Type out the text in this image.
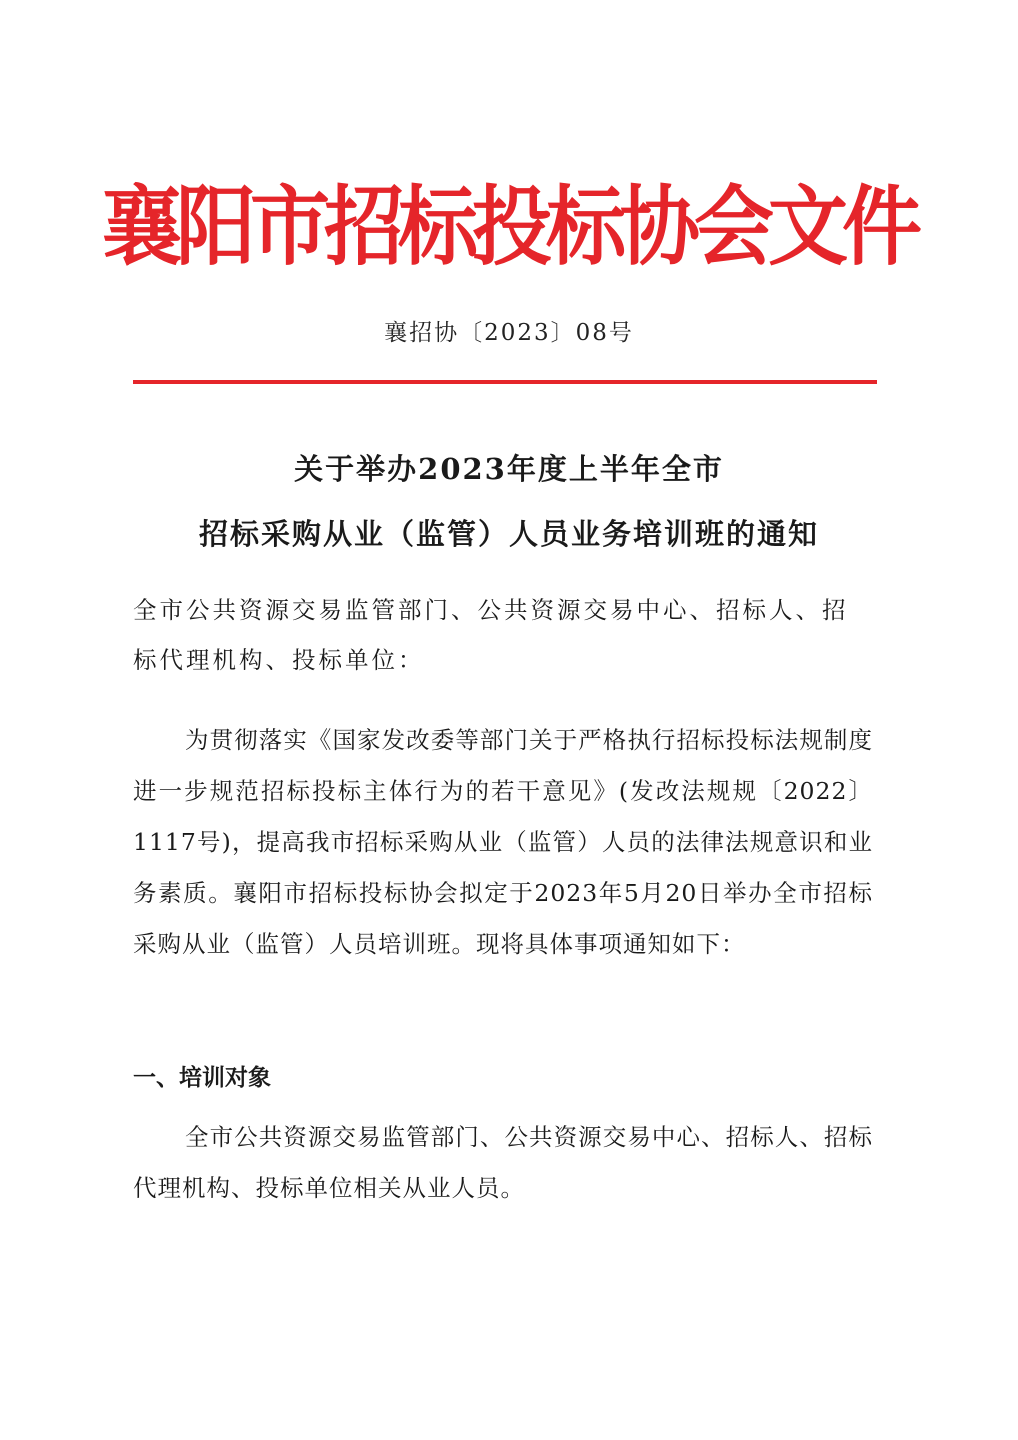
襄阳市招标投标协会文件
襄招协〔2023〕08号
关于举办2023年度上半年全市
招标采购从业（监管）人员业务培训班的通知

全市公共资源交易监管部门、公共资源交易中心、招标人、招标代理机构、投标单位：

为贯彻落实《国家发改委等部门关于严格执行招标投标法规制度进一步规范招标投标主体行为的若干意见》(发改法规规〔2022〕1117号)，提高我市招标采购从业（监管）人员的法律法规意识和业务素质。襄阳市招标投标协会拟定于2023年5月20日举办全市招标采购从业（监管）人员培训班。现将具体事项通知如下：

一、培训对象

全市公共资源交易监管部门、公共资源交易中心、招标人、招标代理机构、投标单位相关从业人员。
